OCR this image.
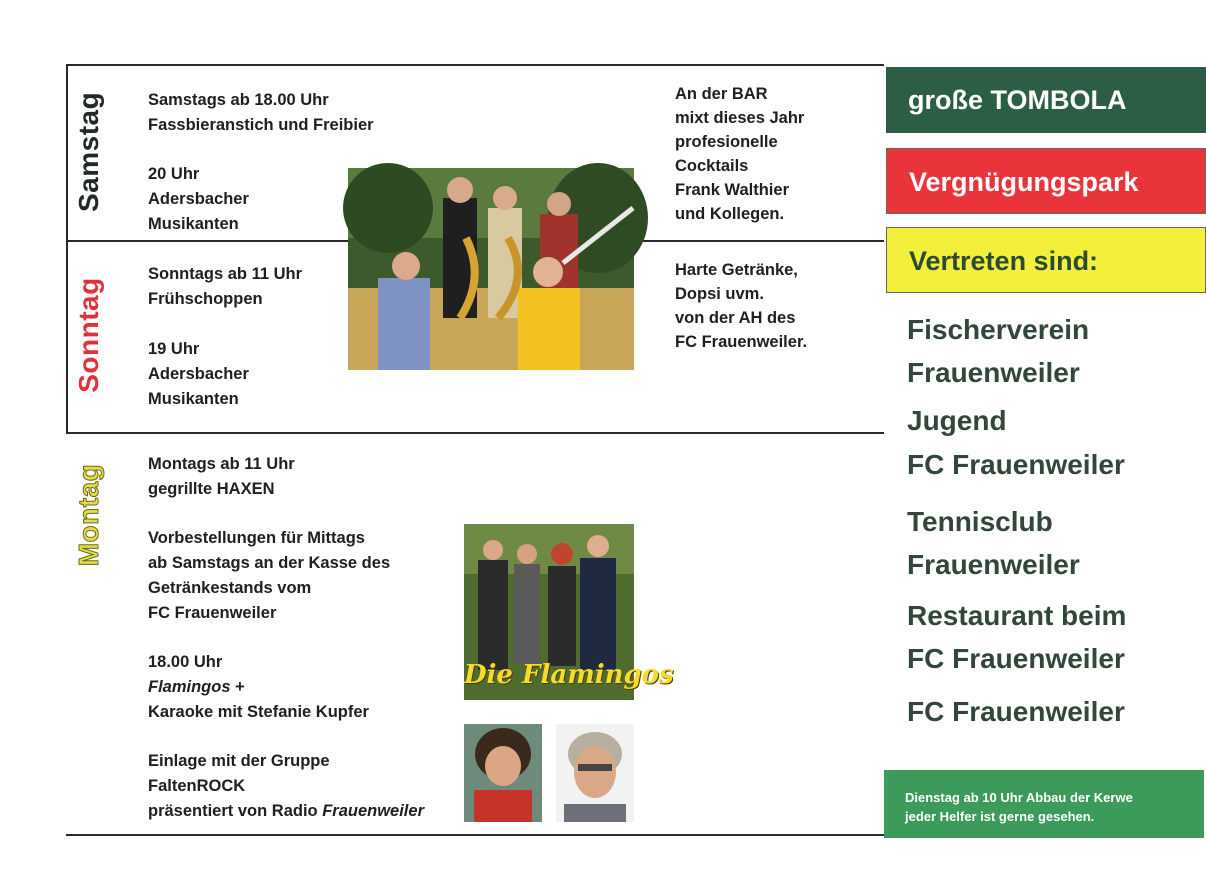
Samstag
Sonntag
Montag
Samstags ab 18.00 Uhr
Fassbieranstich und Freibier
20 Uhr
Adersbacher
Musikanten
An der BAR
mixt dieses Jahr
profesionelle
Cocktails
Frank Walthier
und Kollegen.
Sonntags ab 11 Uhr
Frühschoppen
19 Uhr
Adersbacher
Musikanten
Harte Getränke,
Dopsi uvm.
von der AH des
FC Frauenweiler.
Montags ab 11 Uhr
gegrillte HAXEN
Vorbestellungen für Mittags
ab Samstags an der Kasse des
Getränkestands vom
FC Frauenweiler
18.00 Uhr
Flamingos +
Karaoke mit Stefanie Kupfer
Einlage mit der Gruppe
FaltenROCK
präsentiert von Radio Frauenweiler
Die Flamingos
große TOMBOLA
Vergnügungspark
Vertreten sind:
Fischerverein
Frauenweiler
Jugend
FC Frauenweiler
Tennisclub
Frauenweiler
Restaurant beim
FC Frauenweiler
FC Frauenweiler
Dienstag ab 10 Uhr Abbau der Kerwe
jeder Helfer ist gerne gesehen.
